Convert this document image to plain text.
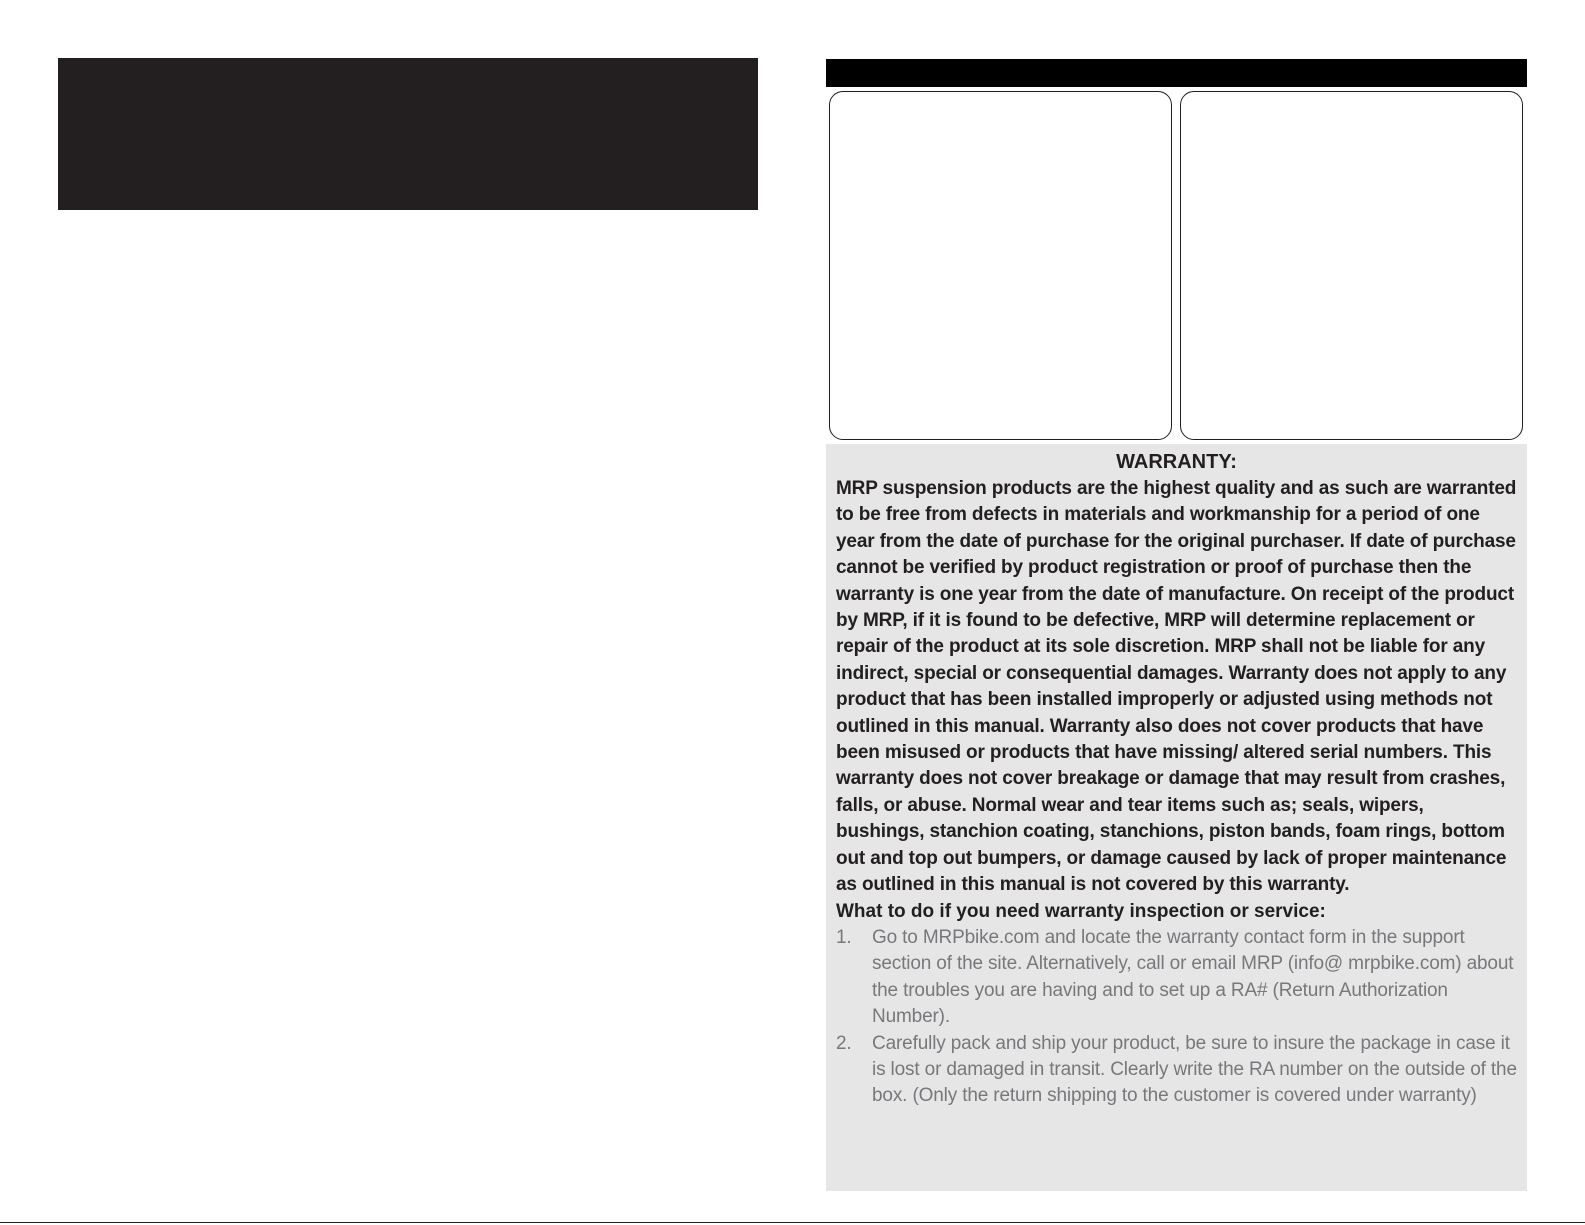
WARRANTY:

MRP suspension products are the highest quality and as such are warranted to be free from defects in materials and workmanship for a period of one year from the date of purchase for the original purchaser. If date of purchase cannot be verified by product registration or proof of purchase then the warranty is one year from the date of manufacture. On receipt of the product by MRP, if it is found to be defective, MRP will determine replacement or repair of the product at its sole discretion. MRP shall not be liable for any indirect, special or consequential damages. Warranty does not apply to any product that has been installed improperly or adjusted using methods not outlined in this manual. Warranty also does not cover products that have been misused or products that have missing/ altered serial numbers. This warranty does not cover breakage or damage that may result from crashes, falls, or abuse. Normal wear and tear items such as; seals, wipers, bushings, stanchion coating, stanchions, piston bands, foam rings, bottom out and top out bumpers, or damage caused by lack of proper maintenance as outlined in this manual is not covered by this warranty.

What to do if you need warranty inspection or service:

1.	Go to MRPbike.com and locate the warranty contact form in the support section of the site. Alternatively, call or email MRP (info@ mrpbike.com) about the troubles you are having and to set up a RA# (Return Authorization Number).
2.	Carefully pack and ship your product, be sure to insure the package in case it is lost or damaged in transit. Clearly write the RA number on the outside of the box. (Only the return shipping to the customer is covered under warranty)
